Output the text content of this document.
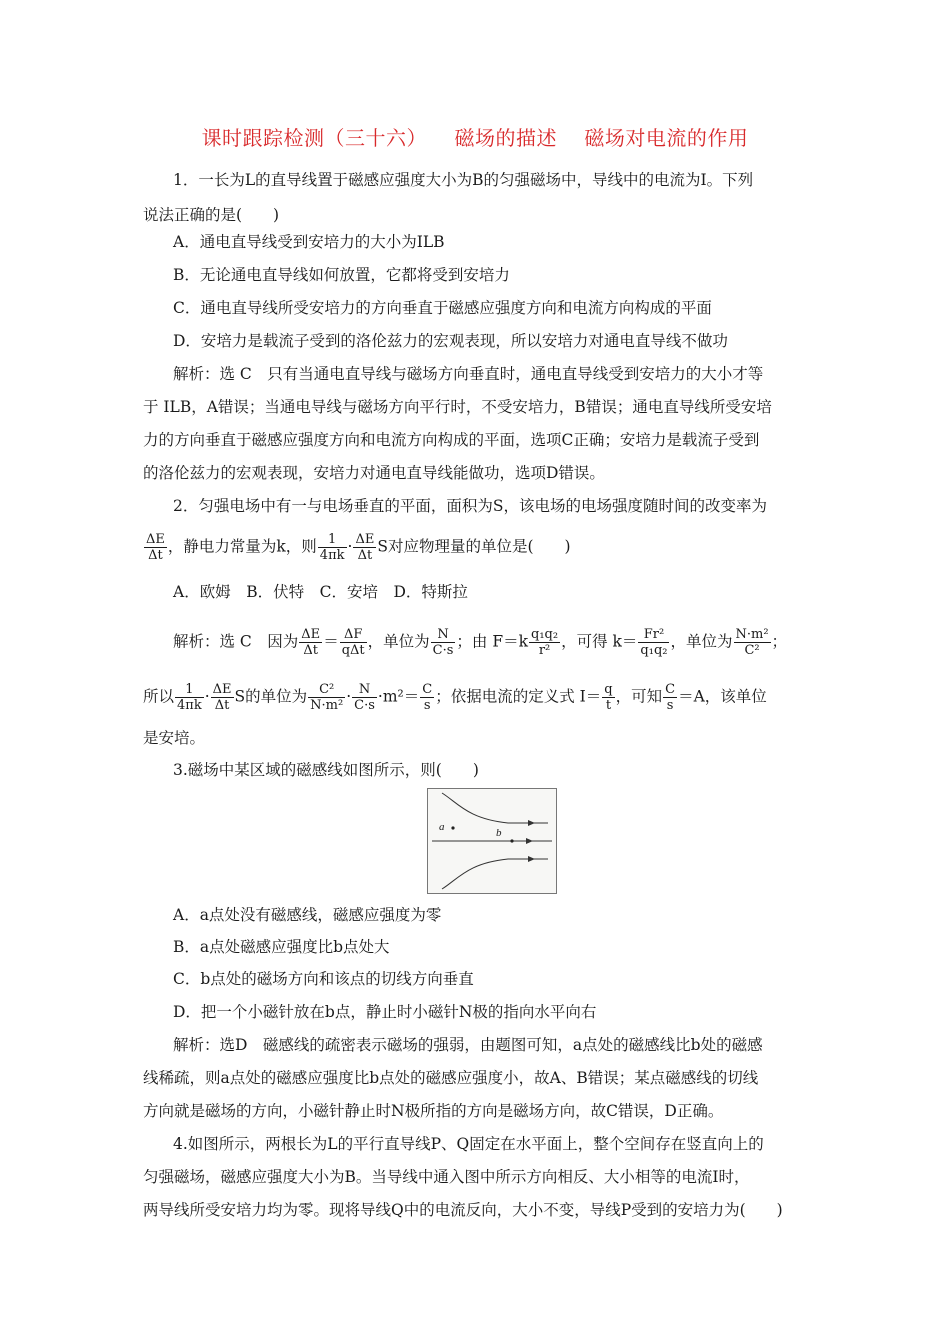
课时跟踪检测（三十六）    磁场的描述    磁场对电流的作用
1．一长为L的直导线置于磁感应强度大小为B的匀强磁场中，导线中的电流为I。下列
说法正确的是(　　)
A．通电直导线受到安培力的大小为ILB
B．无论通电直导线如何放置，它都将受到安培力
C．通电直导线所受安培力的方向垂直于磁感应强度方向和电流方向构成的平面
D．安培力是载流子受到的洛伦兹力的宏观表现，所以安培力对通电直导线不做功
解析：选 C　只有当通电直导线与磁场方向垂直时，通电直导线受到安培力的大小才等
于 ILB，A错误；当通电导线与磁场方向平行时，不受安培力，B错误；通电直导线所受安培
力的方向垂直于磁感应强度方向和电流方向构成的平面，选项C正确；安培力是载流子受到
的洛伦兹力的宏观表现，安培力对通电直导线能做功，选项D错误。
2．匀强电场中有一与电场垂直的平面，面积为S，该电场的电场强度随时间的改变率为
$\frac{\Delta E}{\Delta t}$ ，静电力常量为k，则 $\frac{1}{4\pi k} \cdot \frac{\Delta E}{\Delta t}$ S对应物理量的单位是(　　)
A．欧姆　B．伏特　C．安培　D．特斯拉
解析：选 C　因为 $\frac{\Delta E}{\Delta t} = \frac{\Delta F}{\text{qΔt}}$ ，单位为 $\frac{N}{C\cdot s}$ ；由 $F=k \frac{\text{q₁q₂}}{\text{r²}}$ ，可得 $k= \frac{\text{Fr²}}{\text{q₁q₂}}$ ，单位为 $\frac{\text{N·m²}}{\text{C²}}$ ；
所以 $\frac{1}{4\pi k} \cdot \frac{\Delta E}{\Delta t}$ S的单位为 $\frac{\text{C²}}{\text{N·m²}} \cdot \frac{N}{C\cdot s} \cdot m^2= \frac{C}{s}$ ；依据电流的定义式 $I= \frac{q}{t}$ ，可知 $\frac{C}{s} =A$，该单位
是安培。
3.磁场中某区域的磁感线如图所示，则(　　)
a	b
A．a点处没有磁感线，磁感应强度为零
B．a点处磁感应强度比b点处大
C．b点处的磁场方向和该点的切线方向垂直
D．把一个小磁针放在b点，静止时小磁针N极的指向水平向右
解析：选D　磁感线的疏密表示磁场的强弱，由题图可知，a点处的磁感线比b处的磁感
线稀疏，则a点处的磁感应强度比b点处的磁感应强度小，故A、B错误；某点磁感线的切线
方向就是磁场的方向，小磁针静止时N极所指的方向是磁场方向，故C错误，D正确。
4.如图所示，两根长为L的平行直导线P、Q固定在水平面上，整个空间存在竖直向上的
匀强磁场，磁感应强度大小为B。当导线中通入图中所示方向相反、大小相等的电流I时，
两导线所受安培力均为零。现将导线Q中的电流反向，大小不变，导线P受到的安培力为(　　)
